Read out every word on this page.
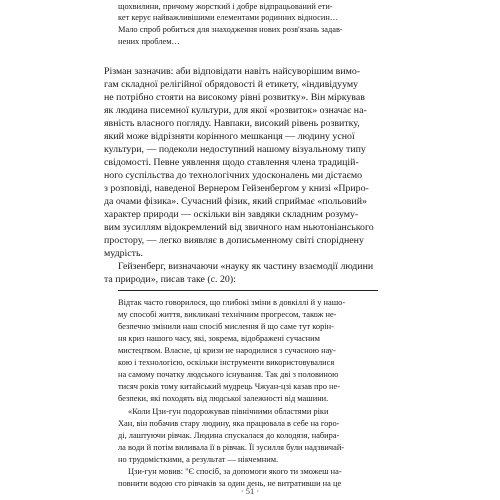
щохвилини, причому жорсткий і добре відпрацьований ети-
кет керує найважливішими елементами родинних відносин…
Мало спроб робиться для знаходження нових розв'язань задав-
нених проблем…
Різман зазначив: аби відповідати навіть найсуворішим вимо-
гам складної релігійної обрядовості й етикету, «індивідууму
не потрібно стояти на високому рівні розвитку». Він міркував
як людина писемної культури, для якої «розвиток» означає на-
явність власного погляду. Навпаки, високий рівень розвитку,
який може відрізняти корінного мешканця — людину усної
культури, — подеколи недоступний нашому візуальному типу
свідомості. Певне уявлення щодо ставлення члена традицій-
ного суспільства до технологічних удосконалень ми дістаємо
з розповіді, наведеної Вернером Гейзенбергом у книзі «Приро-
да очами фізика». Сучасний фізик, який сприймає «польовий»
характер природи — оскільки він завдяки складним розуму-
вим зусиллям відокремлений від звичного нам ньютоніанського
простору, — легко виявляє в дописьменному світі споріднену
мудрість.
Гейзенберг, визначаючи «науку як частину взаємодії людини
та природи», писав таке (с. 20):
Відтак часто говорилося, що глибокі зміни в довкіллі й у нашо-
му способі життя, викликані технічним прогресом, також не-
безпечно змінили наш спосіб мислення й що саме тут корін-
ня криз нашого часу, які, зокрема, відображені сучасним
мистецтвом. Власне, ці кризи не народилися з сучасною нау-
кою і технологією, оскільки інструменти використовувалися
на самому початку людського існування. Так дві з половиною
тисяч років тому китайський мудрець Чжуан-цзі казав про не-
безпеки, які походять від людської залежності від машини.
«Коли Цзи-гун подорожував північними областями ріки
Хан, він побачив стару людину, яка працювала в себе на горо-
ді, лаштуючи рівчак. Людина спускалася до колодязя, набира-
ла води й потім виливала її в рівчак. Її зусилля були надзвичай-
но трудомісткими, а результат — нікчемним.
Цзи-гун мовив: "Є спосіб, за допомоги якого ти зможеш на-
повнити водою сто рівчаків за один день, не витративши на це
· 51 ·
